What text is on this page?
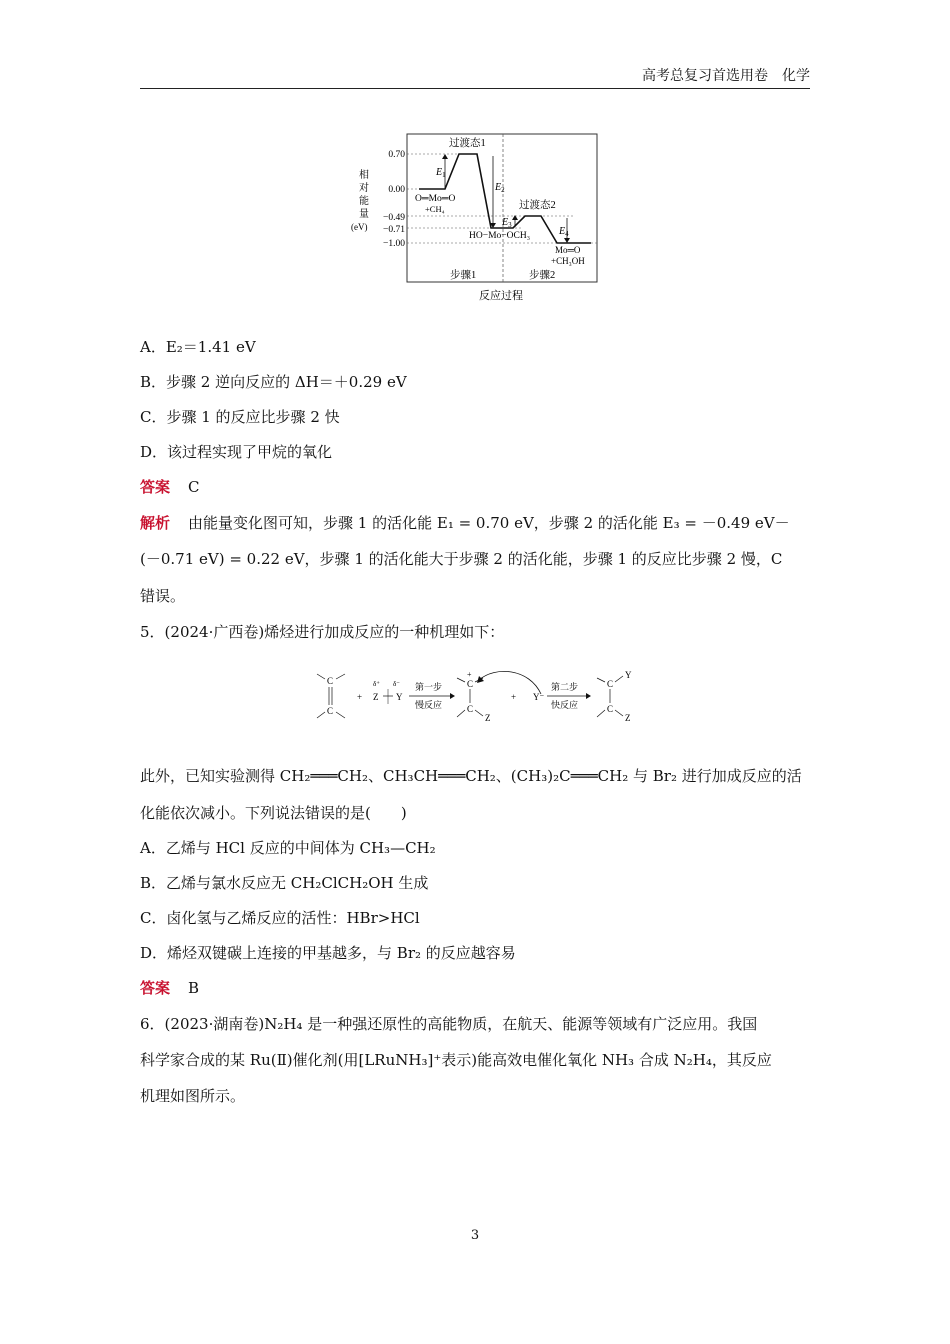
高考总复习首选用卷 化学
相
对
能
量
(eV)
0.70
0.00
−0.49
−0.71
−1.00
$E_1$
$E_2$
$E_3$
$E_4$
过渡态1
过渡态2
O═Mo═O
+CH₄
HO−Mo−OCH₃
Mo═O
+CH₃OH
步骤1	步骤2
反应过程

A．E₂＝1.41 eV

B．步骤 2 逆向反应的 ΔH＝＋0.29 eV

C．步骤 1 的反应比步骤 2 快

D．该过程实现了甲烷的氧化

答案 C

解析 由能量变化图可知，步骤 1 的活化能 E₁ = 0.70 eV，步骤 2 的活化能 E₃ = －0.49 eV－

(－0.71 eV) = 0.22 eV，步骤 1 的活化能大于步骤 2 的活化能，步骤 1 的反应比步骤 2 慢，C

错误。

5．(2024·广西卷)烯烃进行加成反应的一种机理如下：

C
C
+
δ⁺ δ⁻
Z Y
第一步
慢反应
+
C
C
Z
+ Y⁻
第二步
快反应
C
C
Y
Z

此外，已知实验测得 CH₂═══CH₂、CH₃CH═══CH₂、(CH₃)₂C═══CH₂ 与 Br₂ 进行加成反应的活

化能依次减小。下列说法错误的是(　　)

A．乙烯与 HCl 反应的中间体为 CH₃—CH₂

B．乙烯与氯水反应无 CH₂ClCH₂OH 生成

C．卤化氢与乙烯反应的活性：HBr>HCl

D．烯烃双键碳上连接的甲基越多，与 Br₂ 的反应越容易

答案 B

6．(2023·湖南卷)N₂H₄ 是一种强还原性的高能物质，在航天、能源等领域有广泛应用。我国

科学家合成的某 Ru(Ⅱ)催化剂(用[LRuNH₃]⁺表示)能高效电催化氧化 NH₃ 合成 N₂H₄，其反应

机理如图所示。

3
